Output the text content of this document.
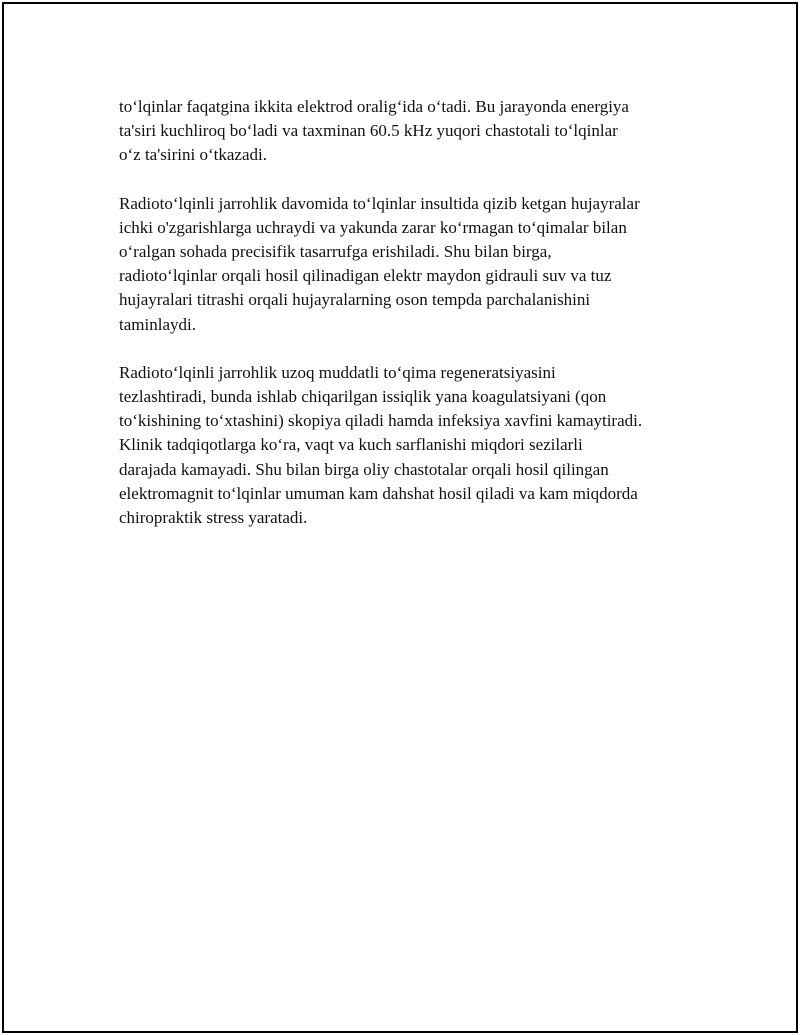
to‘lqinlar faqatgina ikkita elektrod oralig‘ida o‘tadi. Bu jarayonda energiya
ta'siri kuchliroq bo‘ladi va taxminan 60.5 kHz yuqori chastotali to‘lqinlar
o‘z ta'sirini o‘tkazadi.

Radioto‘lqinli jarrohlik davomida to‘lqinlar insultida qizib ketgan hujayralar
ichki o'zgarishlarga uchraydi va yakunda zarar ko‘rmagan to‘qimalar bilan
o‘ralgan sohada precisifik tasarrufga erishiladi. Shu bilan birga,
radioto‘lqinlar orqali hosil qilinadigan elektr maydon gidrauli suv va tuz
hujayralari titrashi orqali hujayralarning oson tempda parchalanishini
taminlaydi.

Radioto‘lqinli jarrohlik uzoq muddatli to‘qima regeneratsiyasini
tezlashtiradi, bunda ishlab chiqarilgan issiqlik yana koagulatsiyani (qon
to‘kishining to‘xtashini) skopiya qiladi hamda infeksiya xavfini kamaytiradi.
Klinik tadqiqotlarga ko‘ra, vaqt va kuch sarflanishi miqdori sezilarli
darajada kamayadi. Shu bilan birga oliy chastotalar orqali hosil qilingan
elektromagnit to‘lqinlar umuman kam dahshat hosil qiladi va kam miqdorda
chiropraktik stress yaratadi.
